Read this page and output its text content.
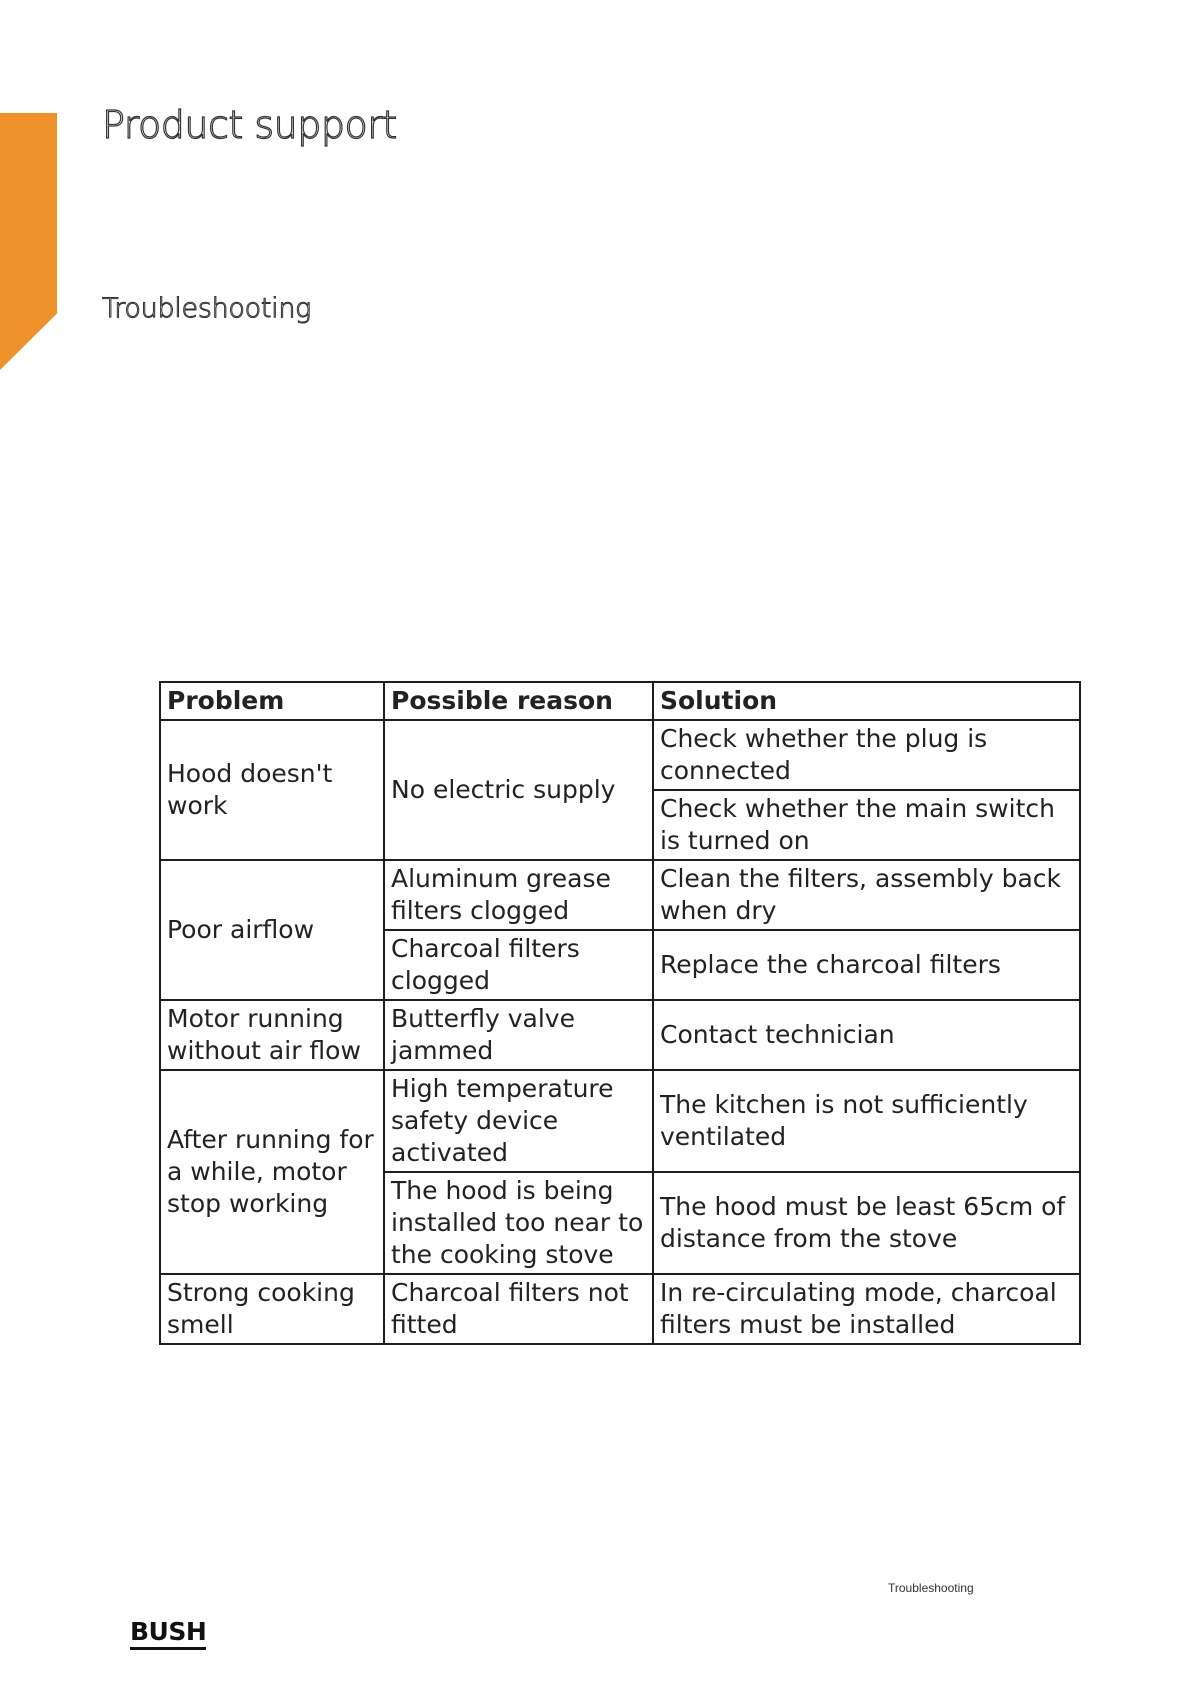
Product support
Troubleshooting
Problem	Possible reason	Solution
Hood doesn't work	No electric supply	Check whether the plug is connected
		Check whether the main switch is turned on
Poor airflow	Aluminum grease filters clogged	Clean the filters, assembly back when dry
	Charcoal filters clogged	Replace the charcoal filters
Motor running without air flow	Butterfly valve jammed	Contact technician
After running for a while, motor stop working	High temperature safety device activated	The kitchen is not sufficiently ventilated
	The hood is being installed too near to the cooking stove	The hood must be least 65cm of distance from the stove
Strong cooking smell	Charcoal filters not fitted	In re-circulating mode, charcoal filters must be installed
Troubleshooting
BUSH
